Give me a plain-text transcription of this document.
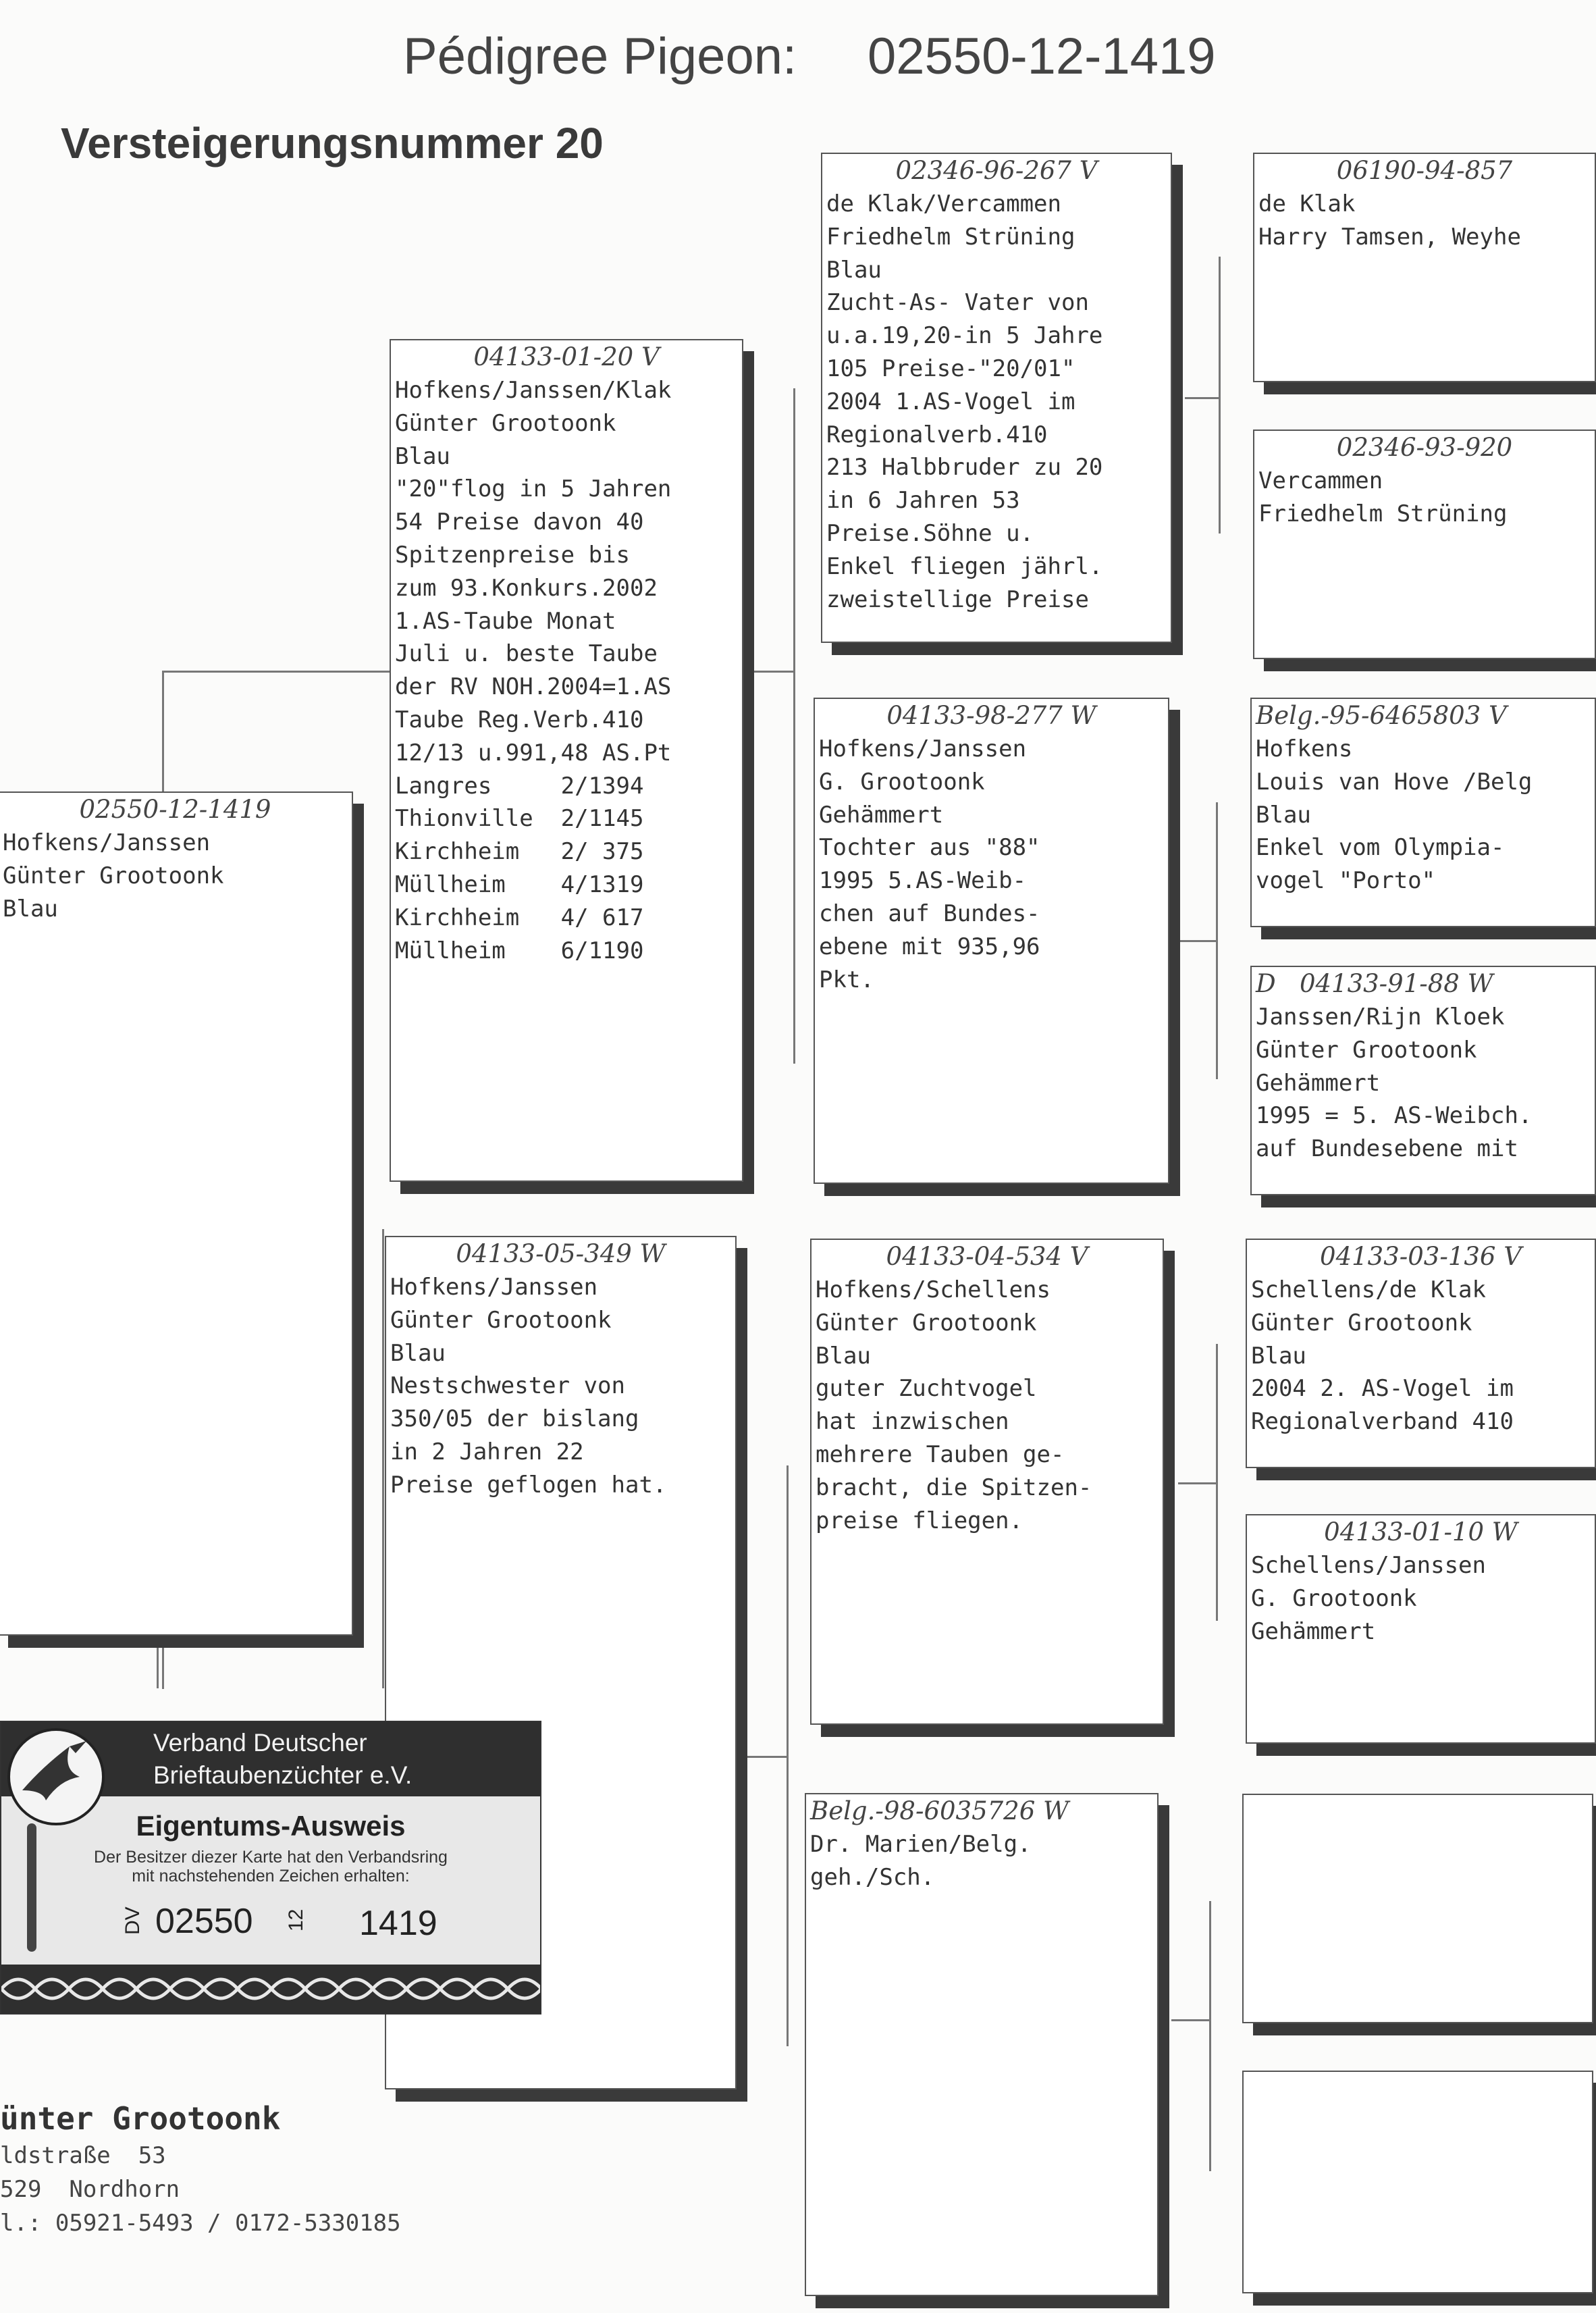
Pédigree Pigeon: 02550-12-1419
Versteigerungsnummer 20
02550-12-1419
Hofkens/Janssen
Günter Grootoonk
Blau
04133-01-20 V
Hofkens/Janssen/Klak
Günter Grootoonk
Blau
"20"flog in 5 Jahren
54 Preise davon 40
Spitzenpreise bis
zum 93.Konkurs.2002
1.AS-Taube Monat
Juli u. beste Taube
der RV NOH.2004=1.AS
Taube Reg.Verb.410
12/13 u.991,48 AS.Pt
Langres     2/1394
Thionville  2/1145
Kirchheim   2/ 375
Müllheim    4/1319
Kirchheim   4/ 617
Müllheim    6/1190
04133-05-349 W
Hofkens/Janssen
Günter Grootoonk
Blau
Nestschwester von
350/05 der bislang
in 2 Jahren 22
Preise geflogen hat.
02346-96-267 V
de Klak/Vercammen
Friedhelm Strüning
Blau
Zucht-As- Vater von
u.a.19,20-in 5 Jahre
105 Preise-"20/01"
2004 1.AS-Vogel im
Regionalverb.410
213 Halbbruder zu 20
in 6 Jahren 53
Preise.Söhne u.
Enkel fliegen jährl.
zweistellige Preise
04133-98-277 W
Hofkens/Janssen
G. Grootoonk
Gehämmert
Tochter aus "88"
1995 5.AS-Weib-
chen auf Bundes-
ebene mit 935,96
Pkt.
04133-04-534 V
Hofkens/Schellens
Günter Grootoonk
Blau
guter Zuchtvogel
hat inzwischen
mehrere Tauben ge-
bracht, die Spitzen-
preise fliegen.
Belg.-98-6035726 W
Dr. Marien/Belg.
geh./Sch.
06190-94-857
de Klak
Harry Tamsen, Weyhe
02346-93-920
Vercammen
Friedhelm Strüning
Belg.-95-6465803 V
Hofkens
Louis van Hove /Belg
Blau
Enkel vom Olympia-
vogel "Porto"
D   04133-91-88 W
Janssen/Rijn Kloek
Günter Grootoonk
Gehämmert
1995 = 5. AS-Weibch.
auf Bundesebene mit
04133-03-136 V
Schellens/de Klak
Günter Grootoonk
Blau
2004 2. AS-Vogel im
Regionalverband 410
04133-01-10 W
Schellens/Janssen
G. Grootoonk
Gehämmert
Verband Deutscher
Brieftaubenzüchter e.V.
Eigentums-Ausweis
Der Besitzer diezer Karte hat den Verbandsring
mit nachstehenden Zeichen erhalten:
DV 02550 12 1419
ünter Grootoonk
ldstraße  53
529  Nordhorn
l.: 05921-5493 / 0172-5330185
